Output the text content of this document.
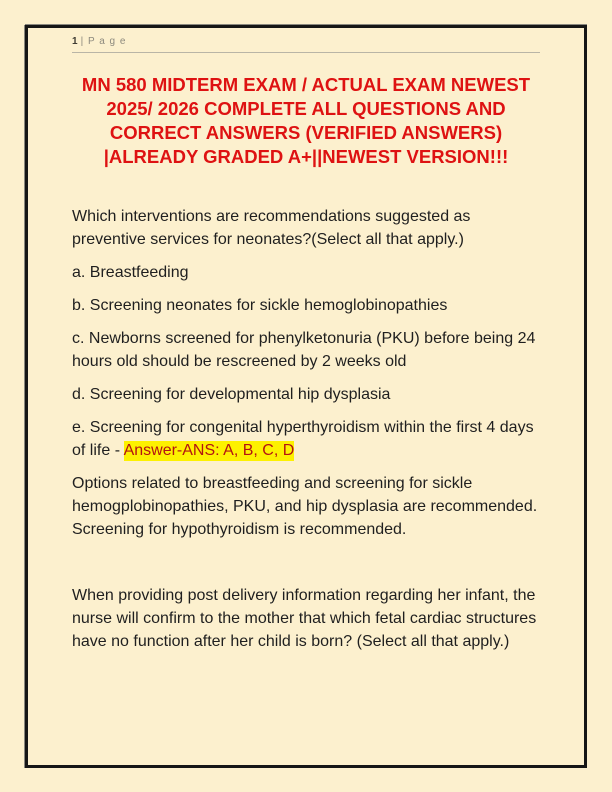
1 | P a g e
MN 580 MIDTERM EXAM / ACTUAL EXAM NEWEST
2025/ 2026 COMPLETE ALL QUESTIONS AND
CORRECT ANSWERS (VERIFIED ANSWERS)
|ALREADY GRADED A+||NEWEST VERSION!!!

Which interventions are recommendations suggested as preventive services for neonates?(Select all that apply.)

a. Breastfeeding

b. Screening neonates for sickle hemoglobinopathies

c. Newborns screened for phenylketonuria (PKU) before being 24 hours old should be rescreened by 2 weeks old

d. Screening for developmental hip dysplasia

e. Screening for congenital hyperthyroidism within the first 4 days of life - Answer-ANS: A, B, C, D

Options related to breastfeeding and screening for sickle hemogplobinopathies, PKU, and hip dysplasia are recommended. Screening for hypothyroidism is recommended.

When providing post delivery information regarding her infant, the nurse will confirm to the mother that which fetal cardiac structures have no function after her child is born? (Select all that apply.)
